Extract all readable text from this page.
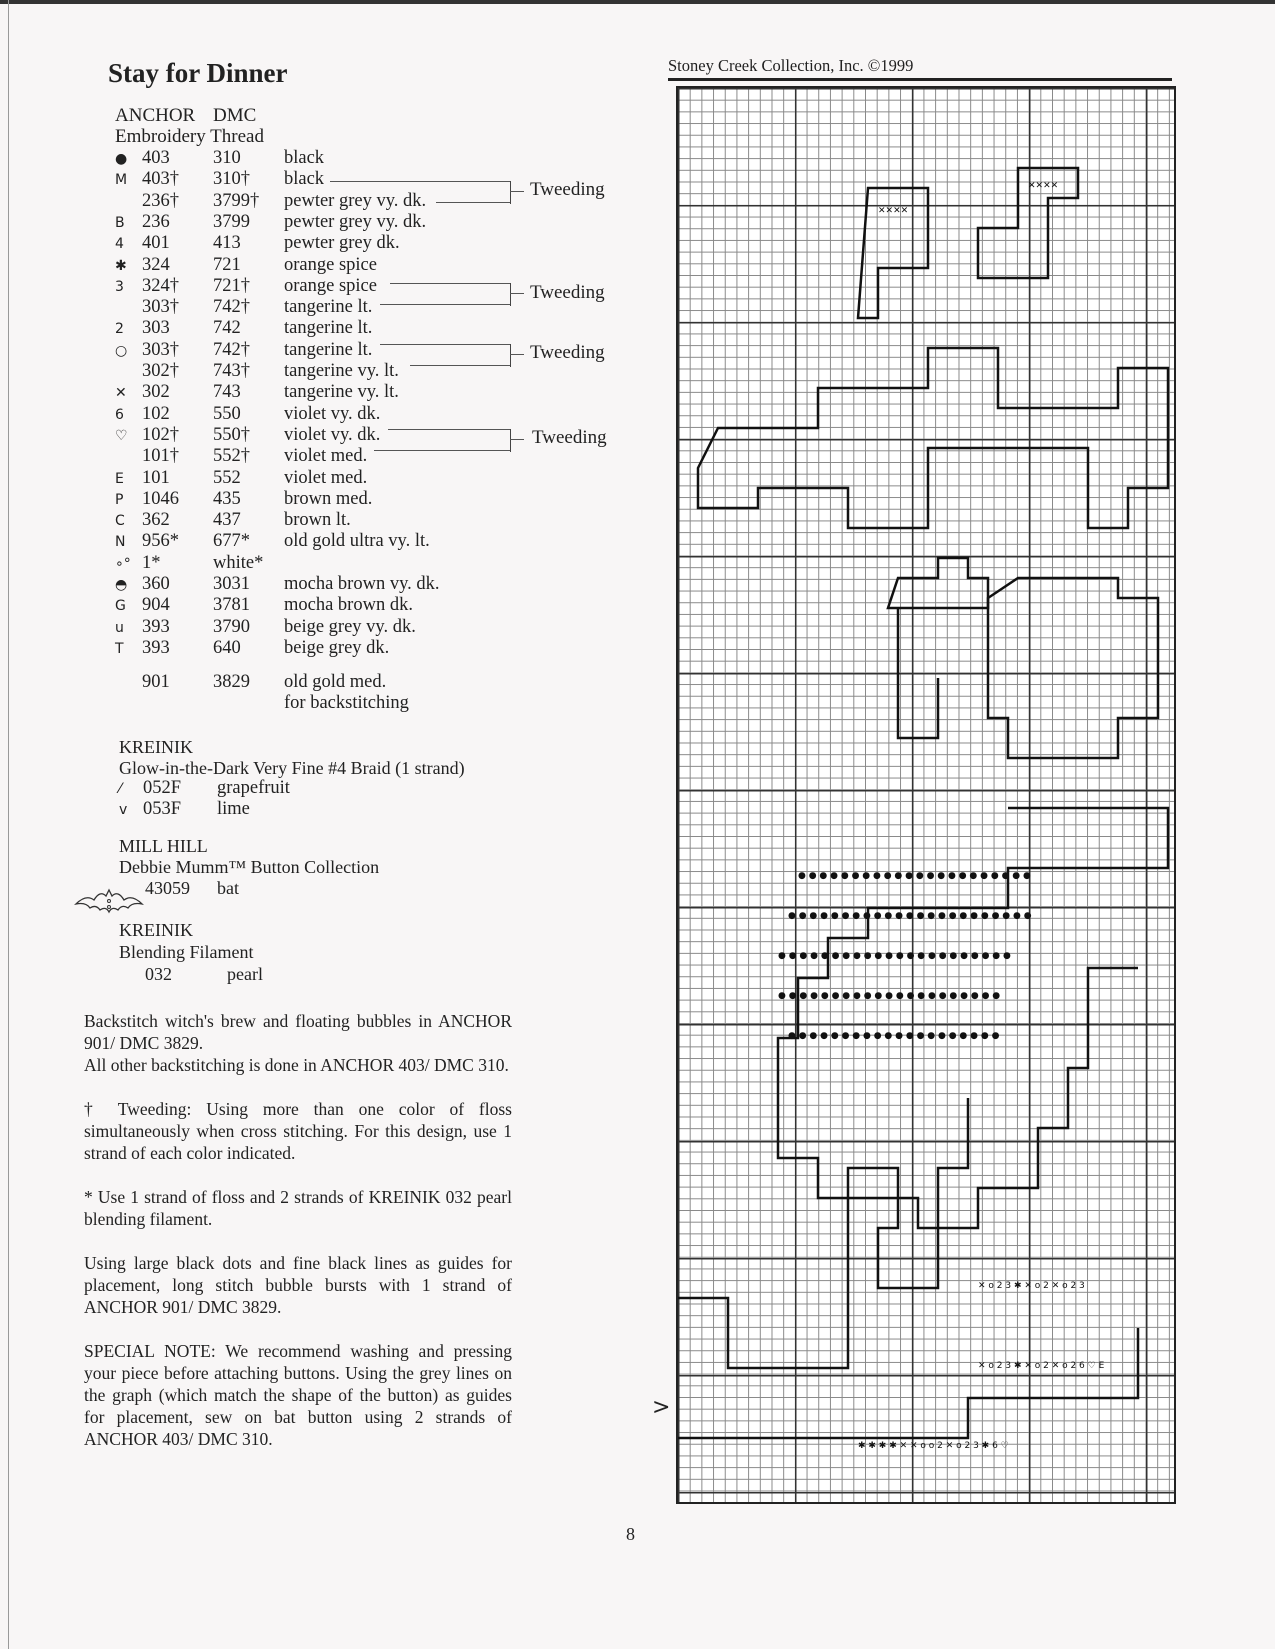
Stay for Dinner	Stoney Creek Collection, Inc. ©1999
ANCHOR DMC
Embroidery Thread
● 403 310 black
M 403† 310† black
236† 3799† pewter grey vy. dk.
B 236 3799 pewter grey vy. dk.
4 401 413 pewter grey dk.
✱ 324 721 orange spice
3 324† 721† orange spice
303† 742† tangerine lt.
2 303 742 tangerine lt.
○ 303† 742† tangerine lt.
302† 743† tangerine vy. lt.
✕ 302 743 tangerine vy. lt.
6 102 550 violet vy. dk.
♡ 102† 550† violet vy. dk.
101† 552† violet med.
E 101 552 violet med.
P	1046 435 brown med.
C 362 437 brown lt.
N 956* 677* old gold ultra vy. lt.
∘° 1*	white*
◓ 360 3031 mocha brown vy. dk.
G 904 3781 mocha brown dk.
u 393 3790 beige grey vy. dk.
T 393 640 beige grey dk.
901 3829 old gold med.
for backstitching
Tweeding
Tweeding
Tweeding
Tweeding
KREINIK
Glow-in-the-Dark Very Fine #4 Braid (1 strand)
⁄	052F grapefruit
v 053F lime
MILL HILL
Debbie Mumm™ Button Collection
43059 bat
KREINIK
Blending Filament
032	pearl

Backstitch witch's brew and floating bubbles in ANCHOR 901/ DMC 3829.

All other backstitching is done in ANCHOR 403/ DMC 310.

† Tweeding: Using more than one color of floss simultaneously when cross stitching. For this design, use 1 strand of each color indicated.

* Use 1 strand of floss and 2 strands of KREINIK 032 pearl blending filament.

Using large black dots and fine black lines as guides for placement, long stitch bubble bursts with 1 strand of ANCHOR 901/ DMC 3829.

SPECIAL NOTE: We recommend washing and pressing your piece before attaching buttons. Using the grey lines on the graph (which match the shape of the button) as guides for placement, sew on bat button using 2 strands of ANCHOR 403/ DMC 310.

✕✕✕✕
✕✕✕✕
● ● ● ● ● ● ● ● ● ● ● ● ● ● ● ● ● ● ● ● ● ●
● ● ● ● ● ● ● ● ● ● ● ● ● ● ● ● ● ● ● ● ● ● ●
● ● ● ● ● ● ● ● ● ● ● ● ● ● ● ● ● ● ● ● ● ●
● ● ● ● ● ● ● ● ● ● ● ● ● ● ● ● ● ● ● ● ●
● ● ● ● ● ● ● ● ● ● ● ● ● ● ● ● ● ● ● ●
✕ o 2 3 ✱ ✕ o 2 ✕ o 2 3
✕ o 2 3 ✱ ✕ o 2 ✕ o 2 6 ♡ E
✱ ✱ ✱ ✱ ✕ ✕ o o 2 ✕ o 2 3 ✱ 6 ♡
>
8
